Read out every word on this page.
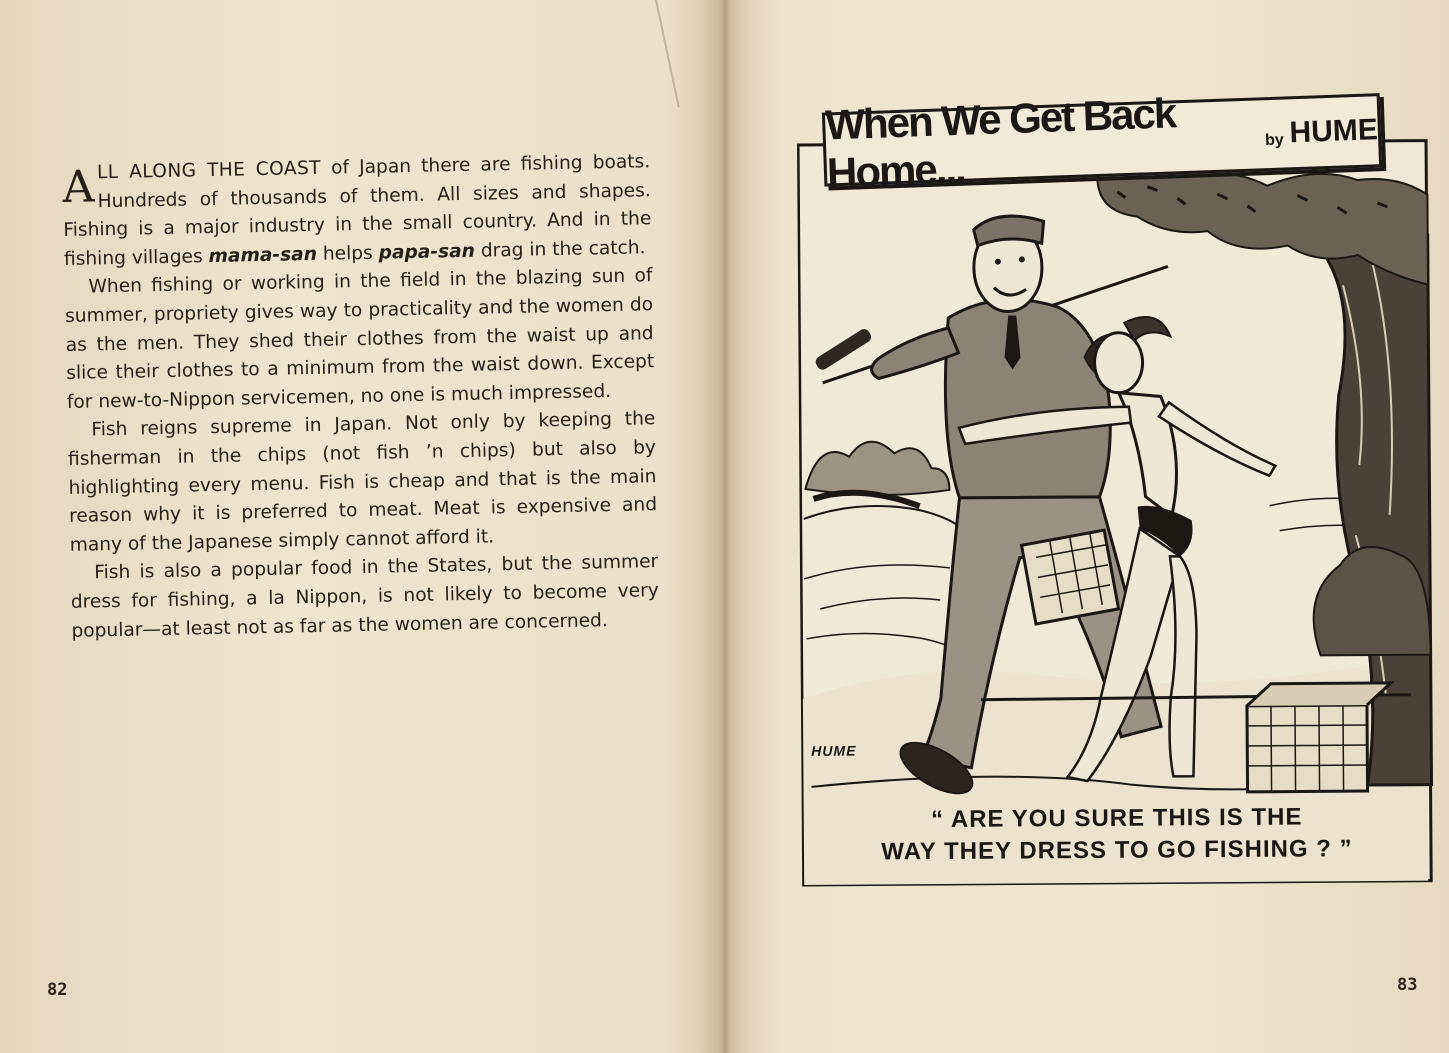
ALL ALONG THE COAST of Japan there are fishing boats. Hundreds of thousands of them. All sizes and shapes. Fishing is a major industry in the small country. And in the fishing villages mama-san helps papa-san drag in the catch.

When fishing or working in the field in the blazing sun of summer, propriety gives way to practicality and the women do as the men. They shed their clothes from the waist up and slice their clothes to a minimum from the waist down. Except for new-to-Nippon servicemen, no one is much impressed.

Fish reigns supreme in Japan. Not only by keeping the fisherman in the chips (not fish ’n chips) but also by highlighting every menu. Fish is cheap and that is the main reason why it is preferred to meat. Meat is expensive and many of the Japanese simply cannot afford it.

Fish is also a popular food in the States, but the summer dress for fishing, a la Nippon, is not likely to become very popular—at least not as far as the women are concerned.

82
When We Get Back Home...
by HUME
HUME
“ ARE YOU SURE THIS IS THE
WAY THEY DRESS TO GO FISHING ? ”
83
